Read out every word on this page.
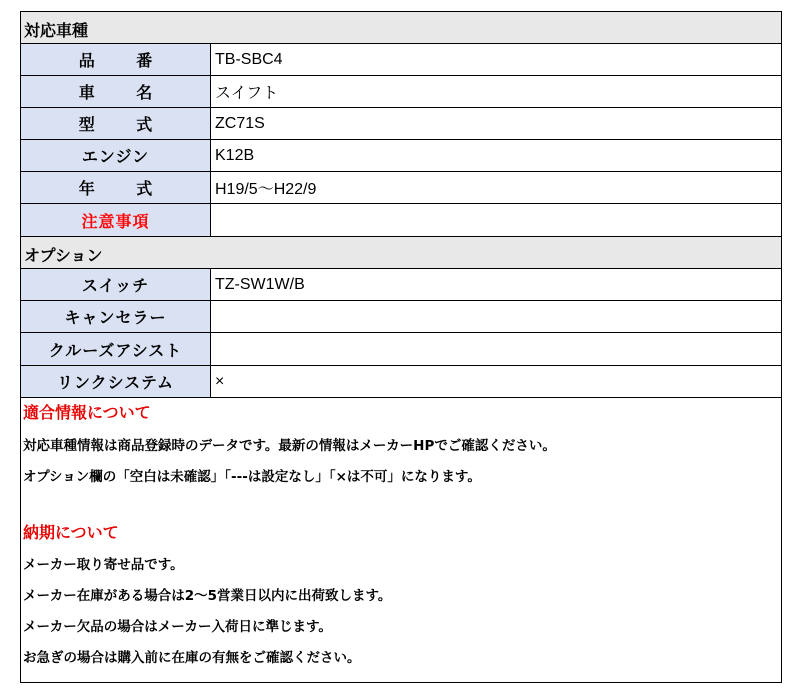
対応車種
品 番	TB-SBC4
車 名	スイフト
型 式	ZC71S
エンジン	K12B
年 式	H19/5～H22/9
注意事項
オプション
スイッチ	TZ-SW1W/B
キャンセラー
クルーズアシスト
リンクシステム	×
適合情報について
対応車種情報は商品登録時のデータです。最新の情報はメーカーHPでご確認ください。
オプション欄の「空白は未確認」「---は設定なし」「×は不可」になります。
納期について
メーカー取り寄せ品です。
メーカー在庫がある場合は2～5営業日以内に出荷致します。
メーカー欠品の場合はメーカー入荷日に準じます。
お急ぎの場合は購入前に在庫の有無をご確認ください。
